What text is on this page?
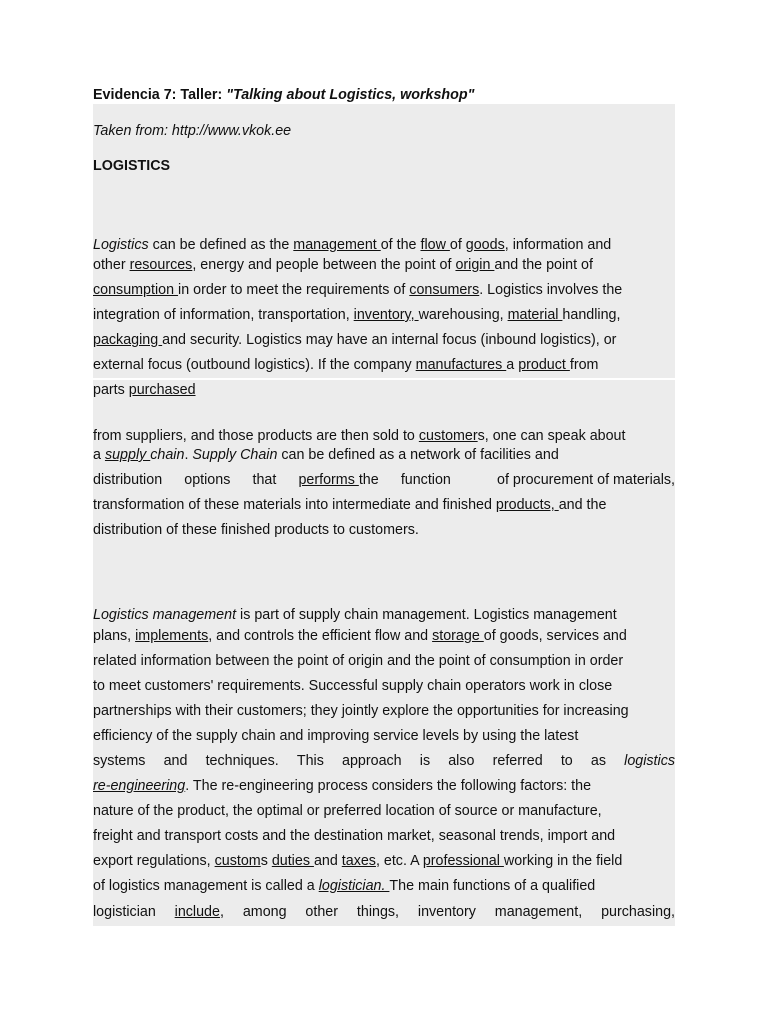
Evidencia 7: Taller: "Talking about Logistics, workshop"
Taken from: http://www.vkok.ee
LOGISTICS
Logistics can be defined as the management of the flow of goods, information and
other resources, energy and people between the point of origin and the point of
consumption in order to meet the requirements of consumers. Logistics involves the
integration of information, transportation, inventory, warehousing, material handling,
packaging and security. Logistics may have an internal focus (inbound logistics), or
external focus (outbound logistics). If the company manufactures a product from
parts purchased
from suppliers, and those products are then sold to customers, one can speak about
a supply chain. Supply Chain can be defined as a network of facilities and
distribution options that performs the function	of procurement of materials,
transformation of these materials into intermediate and finished products, and the
distribution of these finished products to customers.
Logistics management is part of supply chain management. Logistics management
plans, implements, and controls the efficient flow and storage of goods, services and
related information between the point of origin and the point of consumption in order
to meet customers' requirements. Successful supply chain operators work in close
partnerships with their customers; they jointly explore the opportunities for increasing
efficiency of the supply chain and improving service levels by using the latest
systems and techniques. This approach is also referred to as logistics
re-engineering. The re-engineering process considers the following factors: the
nature of the product, the optimal or preferred location of source or manufacture,
freight and transport costs and the destination market, seasonal trends, import and
export regulations, customs duties and taxes, etc. A professional working in the field
of logistics management is called a logistician. The main functions of a qualified
logistician include, among other things, inventory management, purchasing,
